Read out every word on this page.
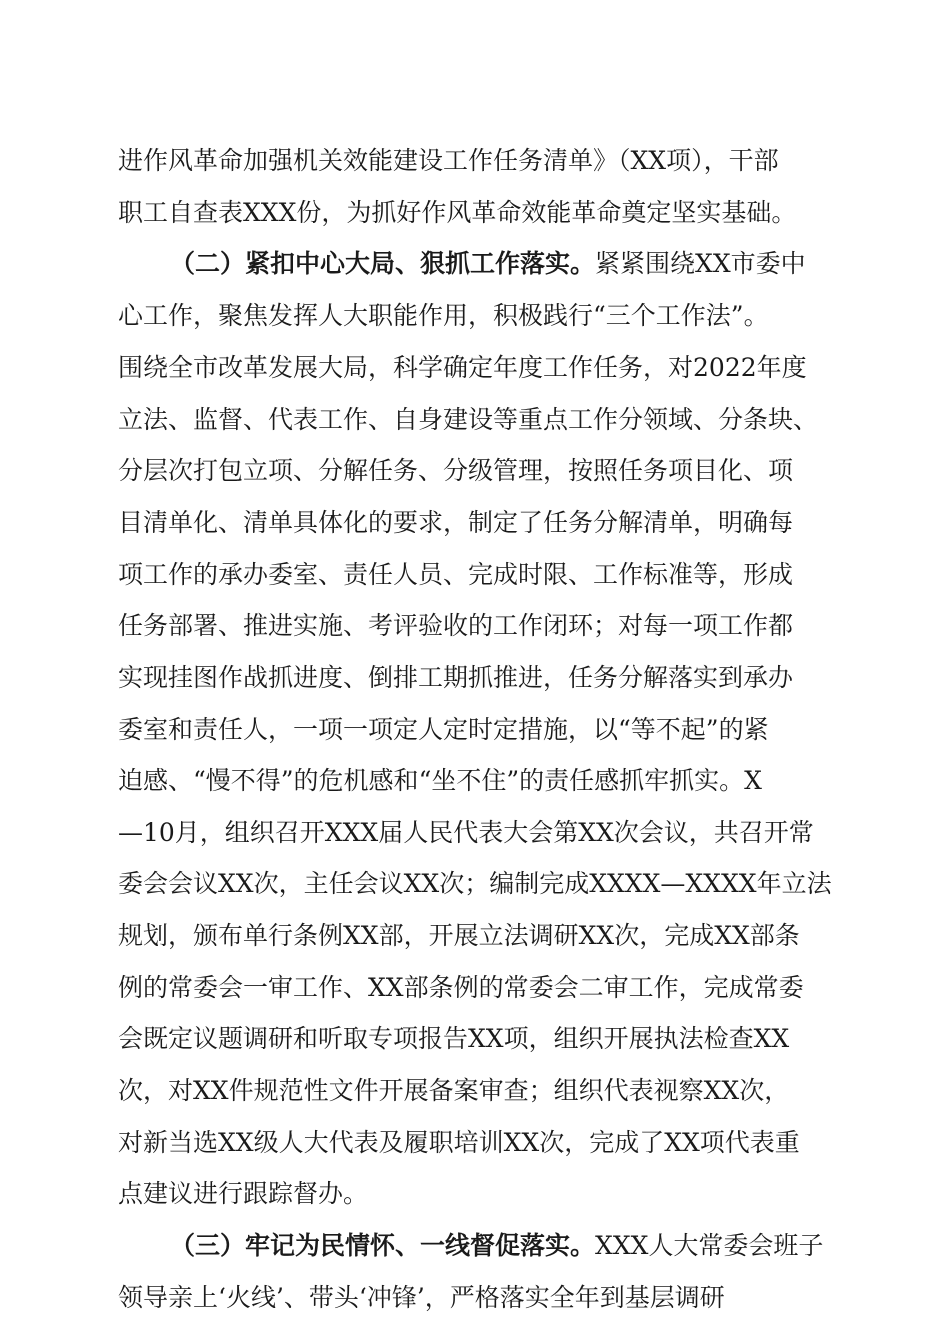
进作风革命加强机关效能建设工作任务清单》（XX项），干部
职工自查表XXX份，为抓好作风革命效能革命奠定坚实基础。
（二）紧扣中心大局、狠抓工作落实。紧紧围绕XX市委中
心工作，聚焦发挥人大职能作用，积极践行“三个工作法”。
围绕全市改革发展大局，科学确定年度工作任务，对2022年度
立法、监督、代表工作、自身建设等重点工作分领域、分条块、
分层次打包立项、分解任务、分级管理，按照任务项目化、项
目清单化、清单具体化的要求，制定了任务分解清单，明确每
项工作的承办委室、责任人员、完成时限、工作标准等，形成
任务部署、推进实施、考评验收的工作闭环；对每一项工作都
实现挂图作战抓进度、倒排工期抓推进，任务分解落实到承办
委室和责任人，一项一项定人定时定措施，以“等不起”的紧
迫感、“慢不得”的危机感和“坐不住”的责任感抓牢抓实。X
—10月，组织召开XXX届人民代表大会第XX次会议，共召开常
委会会议XX次，主任会议XX次；编制完成XXXX—XXXX年立法
规划，颁布单行条例XX部，开展立法调研XX次，完成XX部条
例的常委会一审工作、XX部条例的常委会二审工作，完成常委
会既定议题调研和听取专项报告XX项，组织开展执法检查XX
次，对XX件规范性文件开展备案审查；组织代表视察XX次，
对新当选XX级人大代表及履职培训XX次，完成了XX项代表重
点建议进行跟踪督办。
（三）牢记为民情怀、一线督促落实。XXX人大常委会班子
领导亲上‘火线’、带头‘冲锋’，严格落实全年到基层调研
